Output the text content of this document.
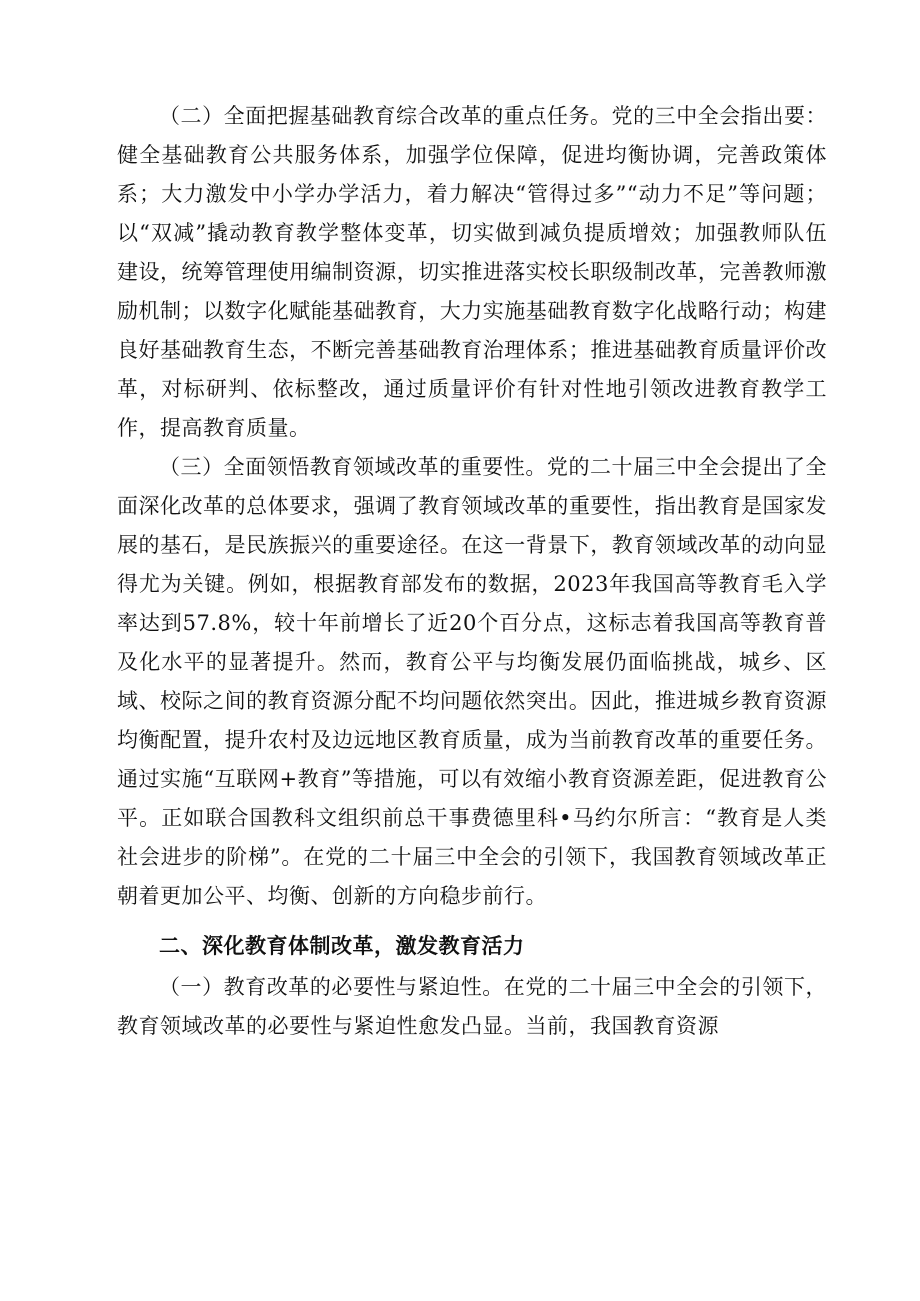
（二）全面把握基础教育综合改革的重点任务。党的三中全会指出要：健全基础教育公共服务体系，加强学位保障，促进均衡协调，完善政策体系；大力激发中小学办学活力，着力解决“管得过多”“动力不足”等问题；以“双减”撬动教育教学整体变革，切实做到减负提质增效；加强教师队伍建设，统筹管理使用编制资源，切实推进落实校长职级制改革，完善教师激励机制；以数字化赋能基础教育，大力实施基础教育数字化战略行动；构建良好基础教育生态，不断完善基础教育治理体系；推进基础教育质量评价改革，对标研判、依标整改，通过质量评价有针对性地引领改进教育教学工作，提高教育质量。

（三）全面领悟教育领域改革的重要性。党的二十届三中全会提出了全面深化改革的总体要求，强调了教育领域改革的重要性，指出教育是国家发展的基石，是民族振兴的重要途径。在这一背景下，教育领域改革的动向显得尤为关键。例如，根据教育部发布的数据，2023年我国高等教育毛入学率达到57.8%，较十年前增长了近20个百分点，这标志着我国高等教育普及化水平的显著提升。然而，教育公平与均衡发展仍面临挑战，城乡、区域、校际之间的教育资源分配不均问题依然突出。因此，推进城乡教育资源均衡配置，提升农村及边远地区教育质量，成为当前教育改革的重要任务。通过实施“互联网+教育”等措施，可以有效缩小教育资源差距，促进教育公平。正如联合国教科文组织前总干事费德里科•马约尔所言：“教育是人类社会进步的阶梯”。在党的二十届三中全会的引领下，我国教育领域改革正朝着更加公平、均衡、创新的方向稳步前行。

二、深化教育体制改革，激发教育活力

（一）教育改革的必要性与紧迫性。在党的二十届三中全会的引领下，教育领域改革的必要性与紧迫性愈发凸显。当前，我国教育资源
